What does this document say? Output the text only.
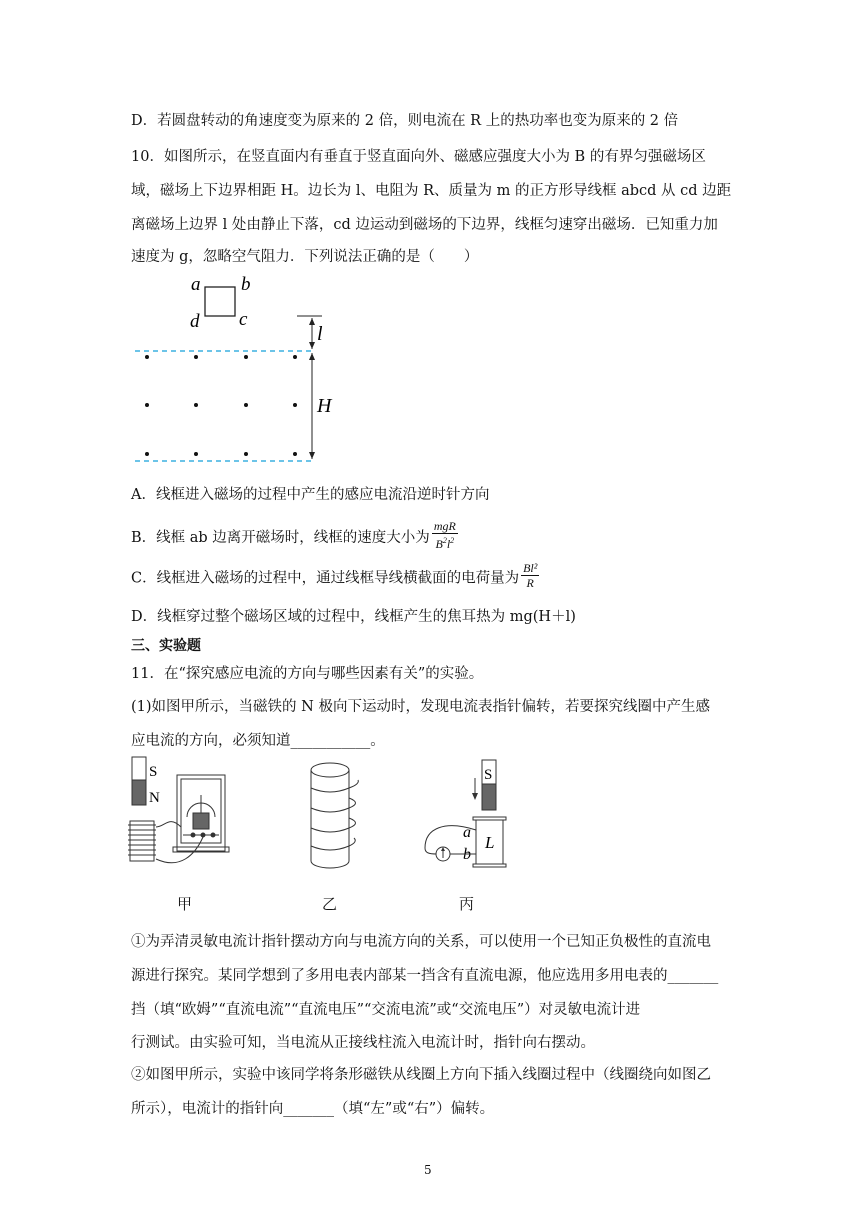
D．若圆盘转动的角速度变为原来的 2 倍，则电流在 R 上的热功率也变为原来的 2 倍
10．如图所示，在竖直面内有垂直于竖直面向外、磁感应强度大小为 B 的有界匀强磁场区
域，磁场上下边界相距 H。边长为 l、电阻为 R、质量为 m 的正方形导线框 abcd 从 cd 边距
离磁场上边界 l 处由静止下落，cd 边运动到磁场的下边界，线框匀速穿出磁场．已知重力加
速度为 g，忽略空气阻力．下列说法正确的是（　　）
a b
d c
l
H
A．线框进入磁场的过程中产生的感应电流沿逆时针方向
B．线框 ab 边离开磁场时，线框的速度大小为 $\frac{\text{mgR}}{B^2l^2}$
C．线框进入磁场的过程中，通过线框导线横截面的电荷量为 $\frac{\text{Bl²}}{R}$
D．线框穿过整个磁场区域的过程中，线框产生的焦耳热为 mg(H＋l)
三、实验题
11．在“探究感应电流的方向与哪些因素有关”的实验。
(1)如图甲所示，当磁铁的 N 极向下运动时，发现电流表指针偏转，若要探究线圈中产生感
应电流的方向，必须知道___________。
S
N
S
L
a
b
甲	乙	丙
①为弄清灵敏电流计指针摆动方向与电流方向的关系，可以使用一个已知正负极性的直流电
源进行探究。某同学想到了多用电表内部某一挡含有直流电源，他应选用多用电表的_______
挡（填“欧姆”“直流电流”“直流电压”“交流电流”或“交流电压”）对灵敏电流计进
行测试。由实验可知，当电流从正接线柱流入电流计时，指针向右摆动。
②如图甲所示，实验中该同学将条形磁铁从线圈上方向下插入线圈过程中（线圈绕向如图乙
所示），电流计的指针向_______（填“左”或“右”）偏转。
5
